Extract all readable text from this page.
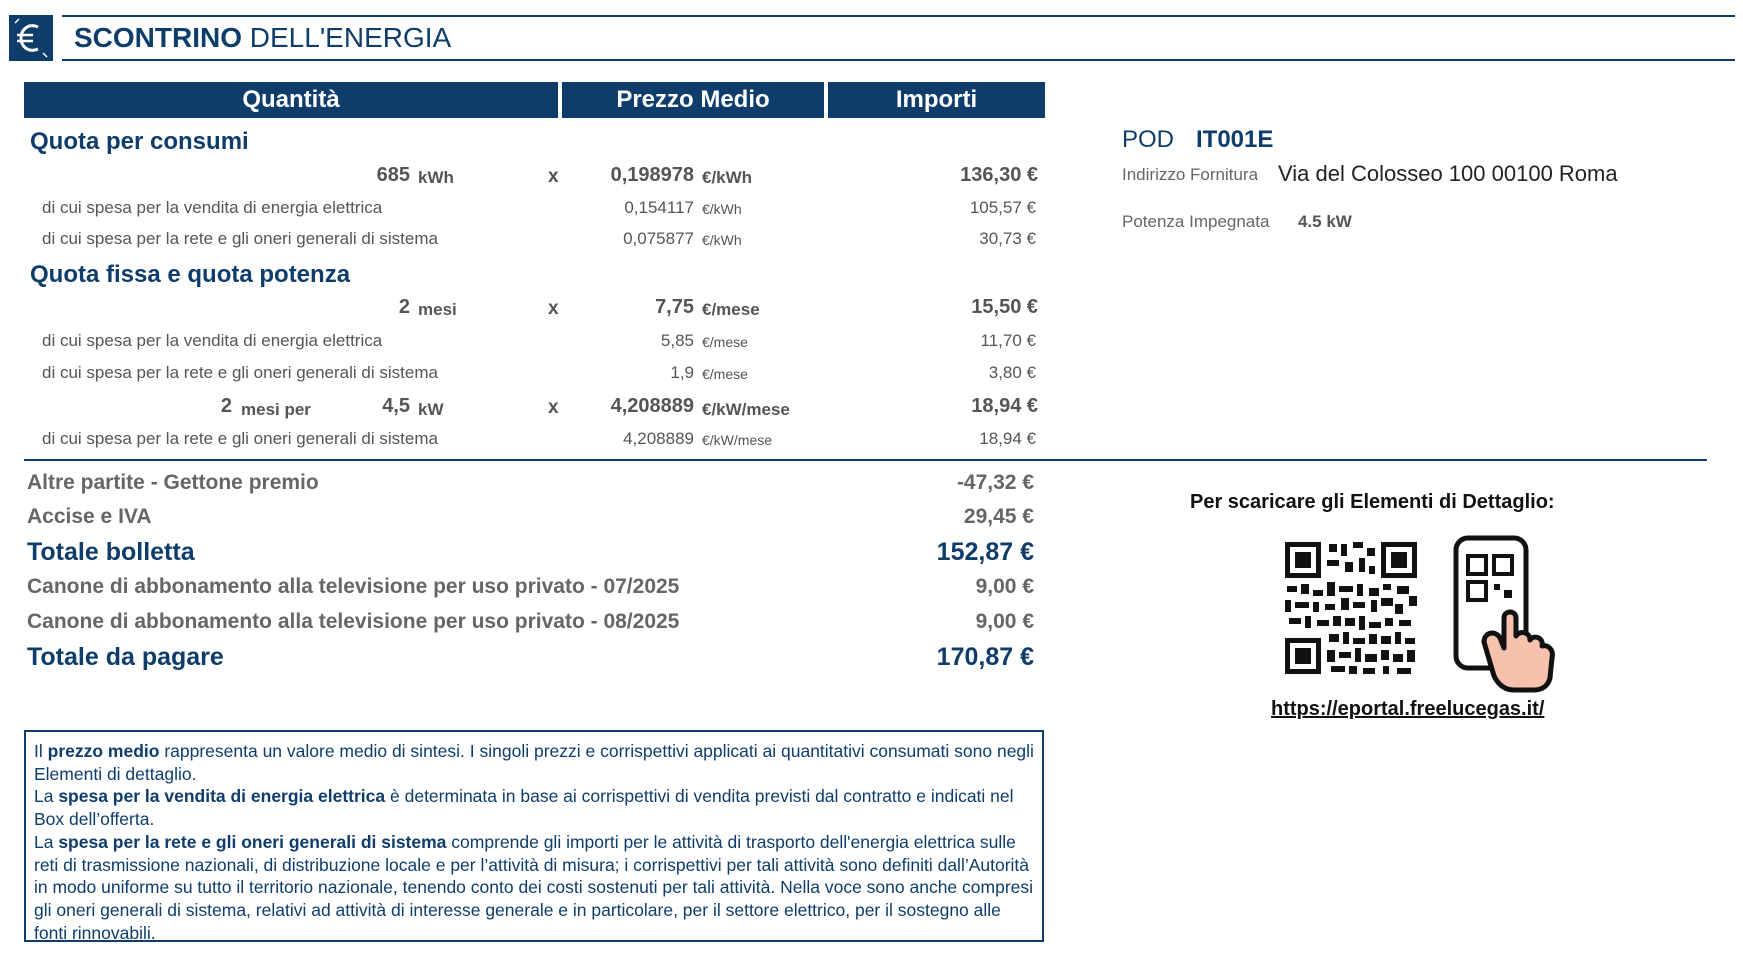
SCONTRINO DELL'ENERGIA
Quantità	Prezzo Medio	Importi
Quota per consumi
685 kWh	x	0,198978 €/kWh	136,30 €
di cui spesa per la vendita di energia elettrica	0,154117 €/kWh	105,57 €
di cui spesa per la rete e gli oneri generali di sistema	0,075877 €/kWh	30,73 €
Quota fissa e quota potenza
2 mesi	x	7,75 €/mese	15,50 €
di cui spesa per la vendita di energia elettrica	5,85 €/mese	11,70 €
di cui spesa per la rete e gli oneri generali di sistema	1,9 €/mese	3,80 €
2 mesi per	4,5 kW	x	4,208889 €/kW/mese	18,94 €
di cui spesa per la rete e gli oneri generali di sistema	4,208889 €/kW/mese	18,94 €
Altre partite - Gettone premio	-47,32 €
Accise e IVA	29,45 €
Totale bolletta	152,87 €
Canone di abbonamento alla televisione per uso privato - 07/2025	9,00 €
Canone di abbonamento alla televisione per uso privato - 08/2025	9,00 €
Totale da pagare	170,87 €
POD IT001E
Indirizzo Fornitura Via del Colosseo 100 00100 Roma
Potenza Impegnata 4.5 kW
Per scaricare gli Elementi di Dettaglio:
https://eportal.freelucegas.it/

Il prezzo medio rappresenta un valore medio di sintesi. I singoli prezzi e corrispettivi applicati ai quantitativi consumati sono negli Elementi di dettaglio.

La spesa per la vendita di energia elettrica è determinata in base ai corrispettivi di vendita previsti dal contratto e indicati nel Box dell’offerta.

La spesa per la rete e gli oneri generali di sistema comprende gli importi per le attività di trasporto dell'energia elettrica sulle reti di trasmissione nazionali, di distribuzione locale e per l’attività di misura; i corrispettivi per tali attività sono definiti dall’Autorità in modo uniforme su tutto il territorio nazionale, tenendo conto dei costi sostenuti per tali attività. Nella voce sono anche compresi gli oneri generali di sistema, relativi ad attività di interesse generale e in particolare, per il settore elettrico, per il sostegno alle fonti rinnovabili.
